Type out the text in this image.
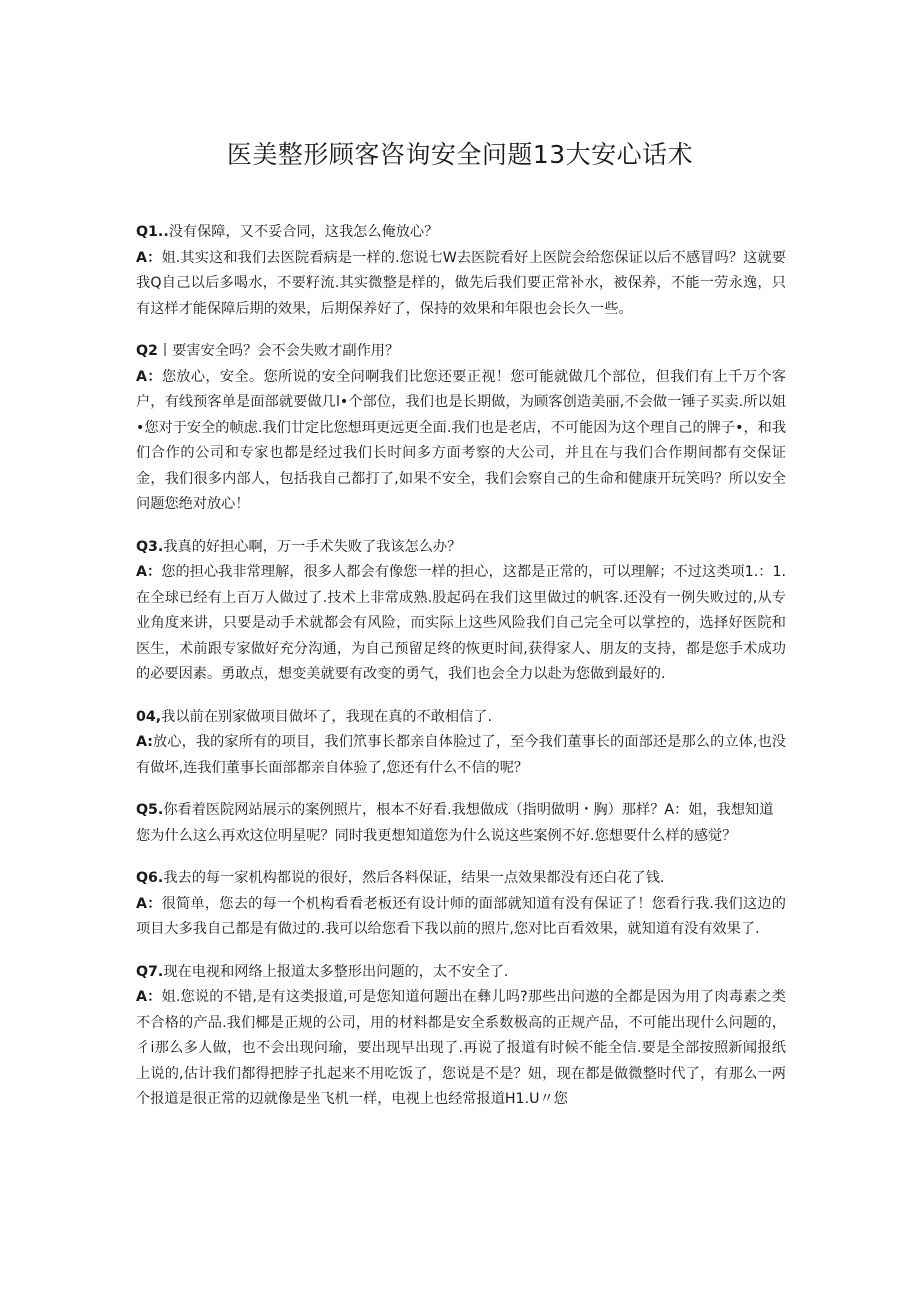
医美整形顾客咨询安全问题13大安心话术

Q1..没有保障，又不妥合同，这我怎么俺放心？

A：姐.其实这和我们去医院看病是一样的.您说七W去医院看好上医院会给您保证以后不感冒吗？这就要我Q自己以后多喝水，不要籽流.其实微整是样的，做先后我们要正常补水，被保养，不能一劳永逸，只有这样才能保障后期的效果，后期保养好了，保持的效果和年限也会长久一些。

Q2丨要害安全吗？会不会失败才副作用？

A：您放心，安全。您所说的安全问啊我们比您还要正视！您可能就做几个部位，但我们有上千万个客户，有线预客单是面部就要做几l•个部位，我们也是长期做，为顾客创造美丽,不会做一锤子买卖.所以姐•您对于安全的帧虑.我们廿定比您想珥更远更全面.我们也是老店，不可能因为这个理自己的牌子•，和我们合作的公司和专家也都是经过我们长时间多方面考察的大公司，并且在与我们合作期间都有交保证金，我们很多内部人，包括我自己都打了,如果不安全，我们会察自己的生命和健康开玩笑吗？所以安全问题您绝对放心！

Q3.我真的好担心啊，万一手术失败了我该怎么办？

A：您的担心我非常理解，很多人都会有像您一样的担心，这都是正常的，可以理解；不过这类项1.：1.在全球已经有上百万人做过了.技术上非常成熟.股起码在我们这里做过的帆客.还没有一例失败过的,从专业角度来讲，只要是动手术就都会有风险，而实际上这些风险我们自己完全可以掌控的，选择好医院和医生，术前跟专家做好充分沟通，为自己预留足终的恢更时间,获得家人、朋友的支持，都是您手术成功的必要因素。勇敢点，想变美就要有改变的勇气，我们也会全力以赴为您做到最好的.

04,我以前在别家做项目做坏了，我现在真的不敢相信了.

A:放心，我的家所有的项目，我们笊事长都亲自体脸过了，至今我们董事长的面部还是那么的立体,也没有做坏,连我们董事长面部都亲自体验了,您还有什么不信的呢？

Q5.你看着医院网站展示的案例照片，根本不好看.我想做成（指明做明・胸）那样？A：姐，我想知道您为什么这么再欢这位明星呢？同时我更想知道您为什么说这些案例不好.您想要什么样的感觉？

Q6.我去的每一家机构都说的很好，然后各料保证，结果一点效果都没有还白花了钱.

A：很简单，您去的每一个机构看看老板还有设计师的面部就知道有没有保证了！您看行我.我们这边的项目大多我自己都是有做过的.我可以给您看下我以前的照片,您对比百看效果，就知道有没有效果了.

Q7.现在电视和网络上报道太多整形出问题的，太不安全了.

A：姐.您说的不错,是有这类报道,可是您知道何题出在彝儿吗?那些出问遨的全都是因为用了肉毒素之类不合格的产品.我们椰是正规的公司，用的材料都是安全系数极高的正规产品，不可能出现什么问题的，彳i那么多人做，也不会出现问瑜，要出现早出现了.再说了报道有时候不能全信.要是全部按照新闻报纸上说的,估计我们都得把脖子扎起来不用吃饭了，您说是不是？妞，现在都是做微整时代了，有那么一两个报道是很正常的辺就像是坐飞机一样，电视上也经常报道H1.U〃您
